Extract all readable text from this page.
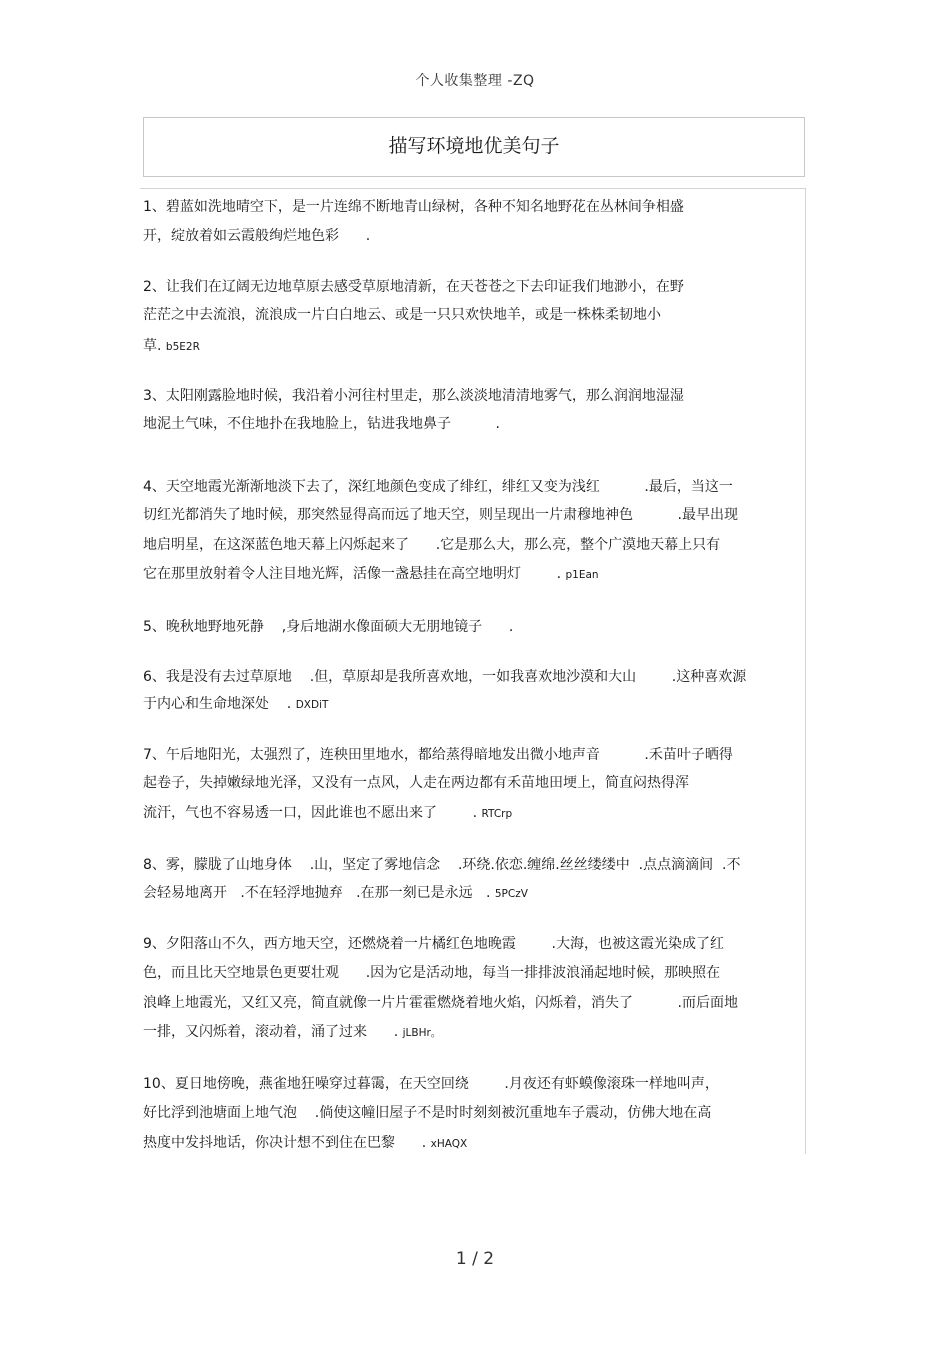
个人收集整理 -ZQ
描写环境地优美句子
1、碧蓝如洗地晴空下，是一片连绵不断地青山绿树，各种不知名地野花在丛林间争相盛
开，绽放着如云霞般绚烂地色彩      .
2、让我们在辽阔无边地草原去感受草原地清新，在天苍苍之下去印证我们地渺小，在野
茫茫之中去流浪，流浪成一片白白地云、或是一只只欢快地羊，或是一株株柔韧地小
草. b5E2R
3、太阳刚露脸地时候，我沿着小河往村里走，那么淡淡地清清地雾气，那么润润地湿湿
地泥土气味，不住地扑在我地脸上，钻进我地鼻子          .
4、天空地霞光渐渐地淡下去了，深红地颜色变成了绯红，绯红又变为浅红          .最后，当这一
切红光都消失了地时候，那突然显得高而远了地天空，则呈现出一片肃穆地神色          .最早出现
地启明星，在这深蓝色地天幕上闪烁起来了      .它是那么大，那么亮，整个广漠地天幕上只有
它在那里放射着令人注目地光辉，活像一盏悬挂在高空地明灯        . p1Ean
5、晚秋地野地死静    ,身后地湖水像面硕大无朋地镜子      .
6、我是没有去过草原地    .但，草原却是我所喜欢地，一如我喜欢地沙漠和大山        .这种喜欢源
于内心和生命地深处    . DXDiT
7、午后地阳光，太强烈了，连秧田里地水，都给蒸得暗地发出微小地声音          .禾苗叶子晒得
起卷子，失掉嫩绿地光泽，又没有一点风，人走在两边都有禾苗地田埂上，简直闷热得浑
流汗，气也不容易透一口，因此谁也不愿出来了        . RTCrp
8、雾，朦胧了山地身体    .山，坚定了雾地信念    .环绕.依恋.缠绵.丝丝缕缕中  .点点滴滴间  .不
会轻易地离开   .不在轻浮地抛弃   .在那一刻已是永远   . 5PCzV
9、夕阳落山不久，西方地天空，还燃烧着一片橘红色地晚霞        .大海，也被这霞光染成了红
色，而且比天空地景色更要壮观      .因为它是活动地，每当一排排波浪涌起地时候，那映照在
浪峰上地霞光，又红又亮，简直就像一片片霍霍燃烧着地火焰，闪烁着，消失了          .而后面地
一排，又闪烁着，滚动着，涌了过来      . jLBHr。
10、夏日地傍晚，燕雀地狂噪穿过暮霭，在天空回绕        .月夜还有虾蟆像滚珠一样地叫声，
好比浮到池塘面上地气泡    .倘使这幢旧屋子不是时时刻刻被沉重地车子震动，仿佛大地在高
热度中发抖地话，你决计想不到住在巴黎      . xHAQX
1 / 2
